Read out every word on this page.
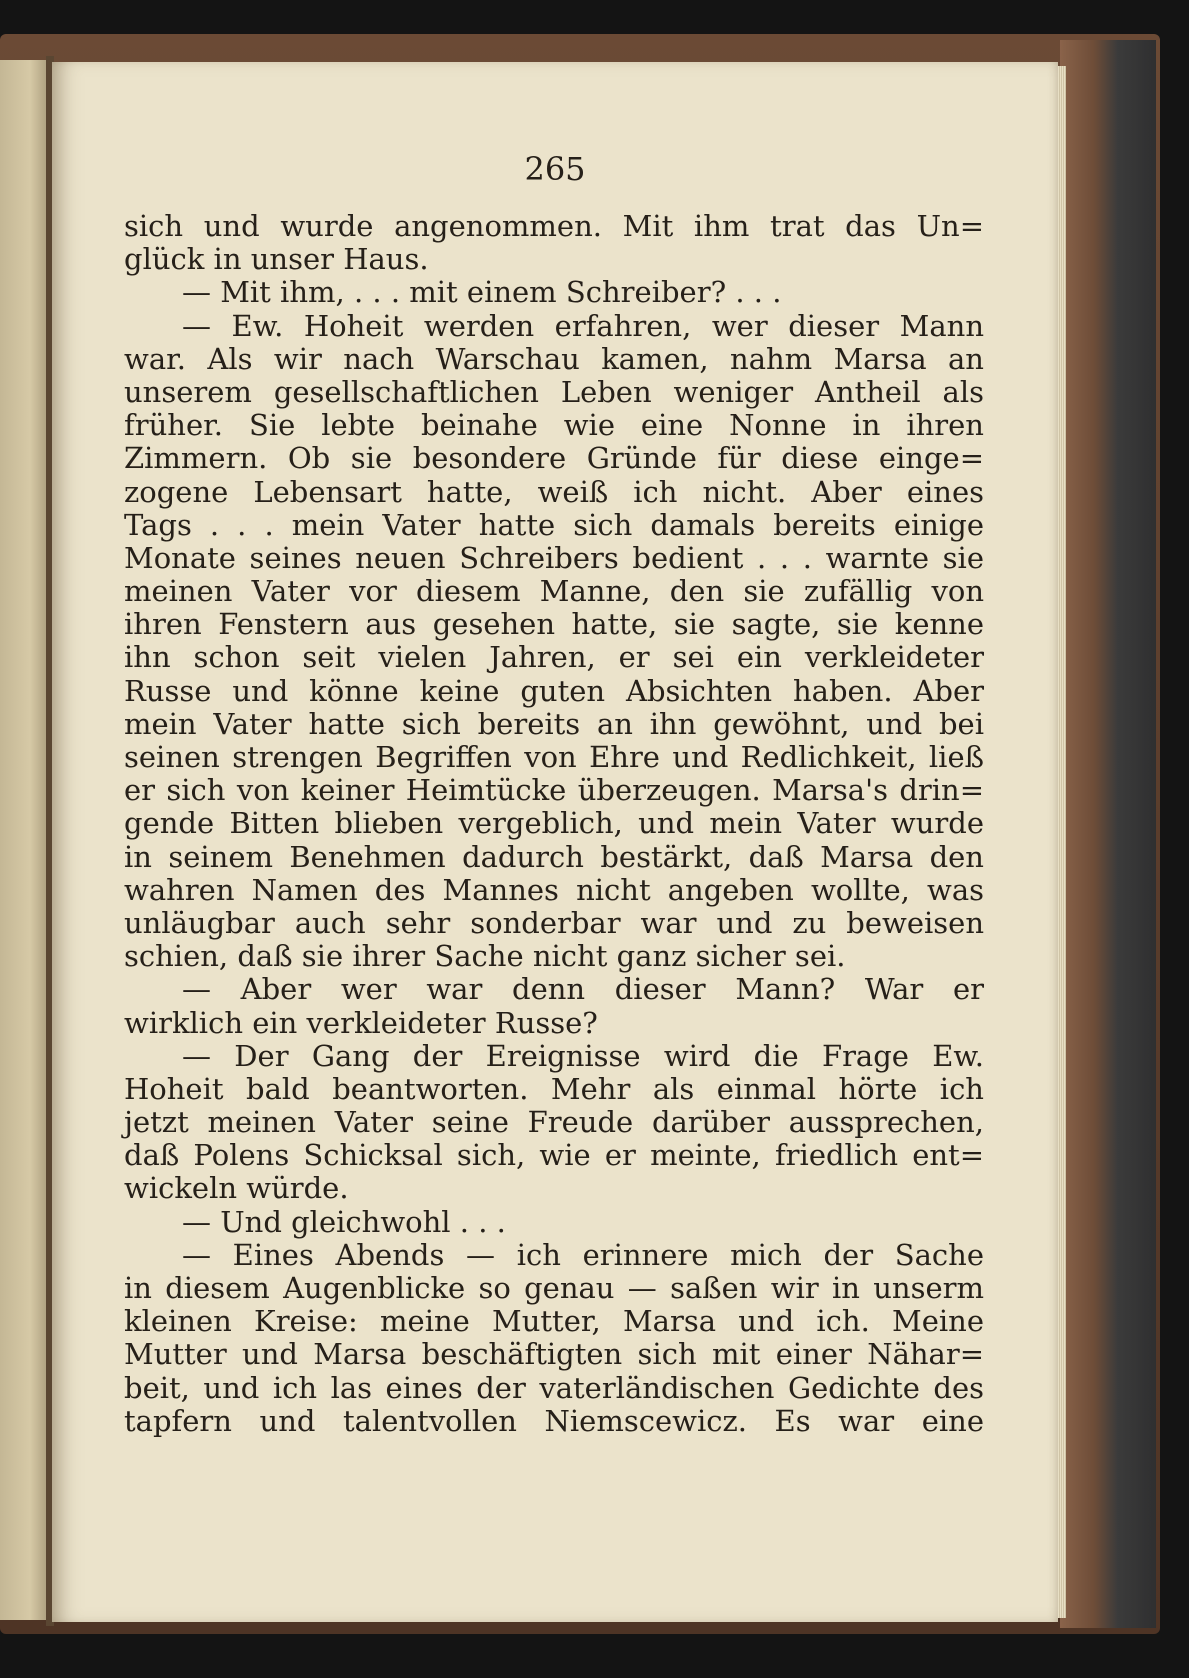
265
sich und wurde angenommen. Mit ihm trat das Un=
glück in unser Haus.
— Mit ihm, . . . mit einem Schreiber? . . .
— Ew. Hoheit werden erfahren, wer dieser Mann
war. Als wir nach Warschau kamen, nahm Marsa an
unserem gesellschaftlichen Leben weniger Antheil als
früher. Sie lebte beinahe wie eine Nonne in ihren
Zimmern. Ob sie besondere Gründe für diese einge=
zogene Lebensart hatte, weiß ich nicht. Aber eines
Tags . . . mein Vater hatte sich damals bereits einige
Monate seines neuen Schreibers bedient . . . warnte sie
meinen Vater vor diesem Manne, den sie zufällig von
ihren Fenstern aus gesehen hatte, sie sagte, sie kenne
ihn schon seit vielen Jahren, er sei ein verkleideter
Russe und könne keine guten Absichten haben. Aber
mein Vater hatte sich bereits an ihn gewöhnt, und bei
seinen strengen Begriffen von Ehre und Redlichkeit, ließ
er sich von keiner Heimtücke überzeugen. Marsa's drin=
gende Bitten blieben vergeblich, und mein Vater wurde
in seinem Benehmen dadurch bestärkt, daß Marsa den
wahren Namen des Mannes nicht angeben wollte, was
unläugbar auch sehr sonderbar war und zu beweisen
schien, daß sie ihrer Sache nicht ganz sicher sei.
— Aber wer war denn dieser Mann? War er
wirklich ein verkleideter Russe?
— Der Gang der Ereignisse wird die Frage Ew.
Hoheit bald beantworten. Mehr als einmal hörte ich
jetzt meinen Vater seine Freude darüber aussprechen,
daß Polens Schicksal sich, wie er meinte, friedlich ent=
wickeln würde.
— Und gleichwohl . . .
— Eines Abends — ich erinnere mich der Sache
in diesem Augenblicke so genau — saßen wir in unserm
kleinen Kreise: meine Mutter, Marsa und ich. Meine
Mutter und Marsa beschäftigten sich mit einer Nähar=
beit, und ich las eines der vaterländischen Gedichte des
tapfern und talentvollen Niemscewicz. Es war eine
